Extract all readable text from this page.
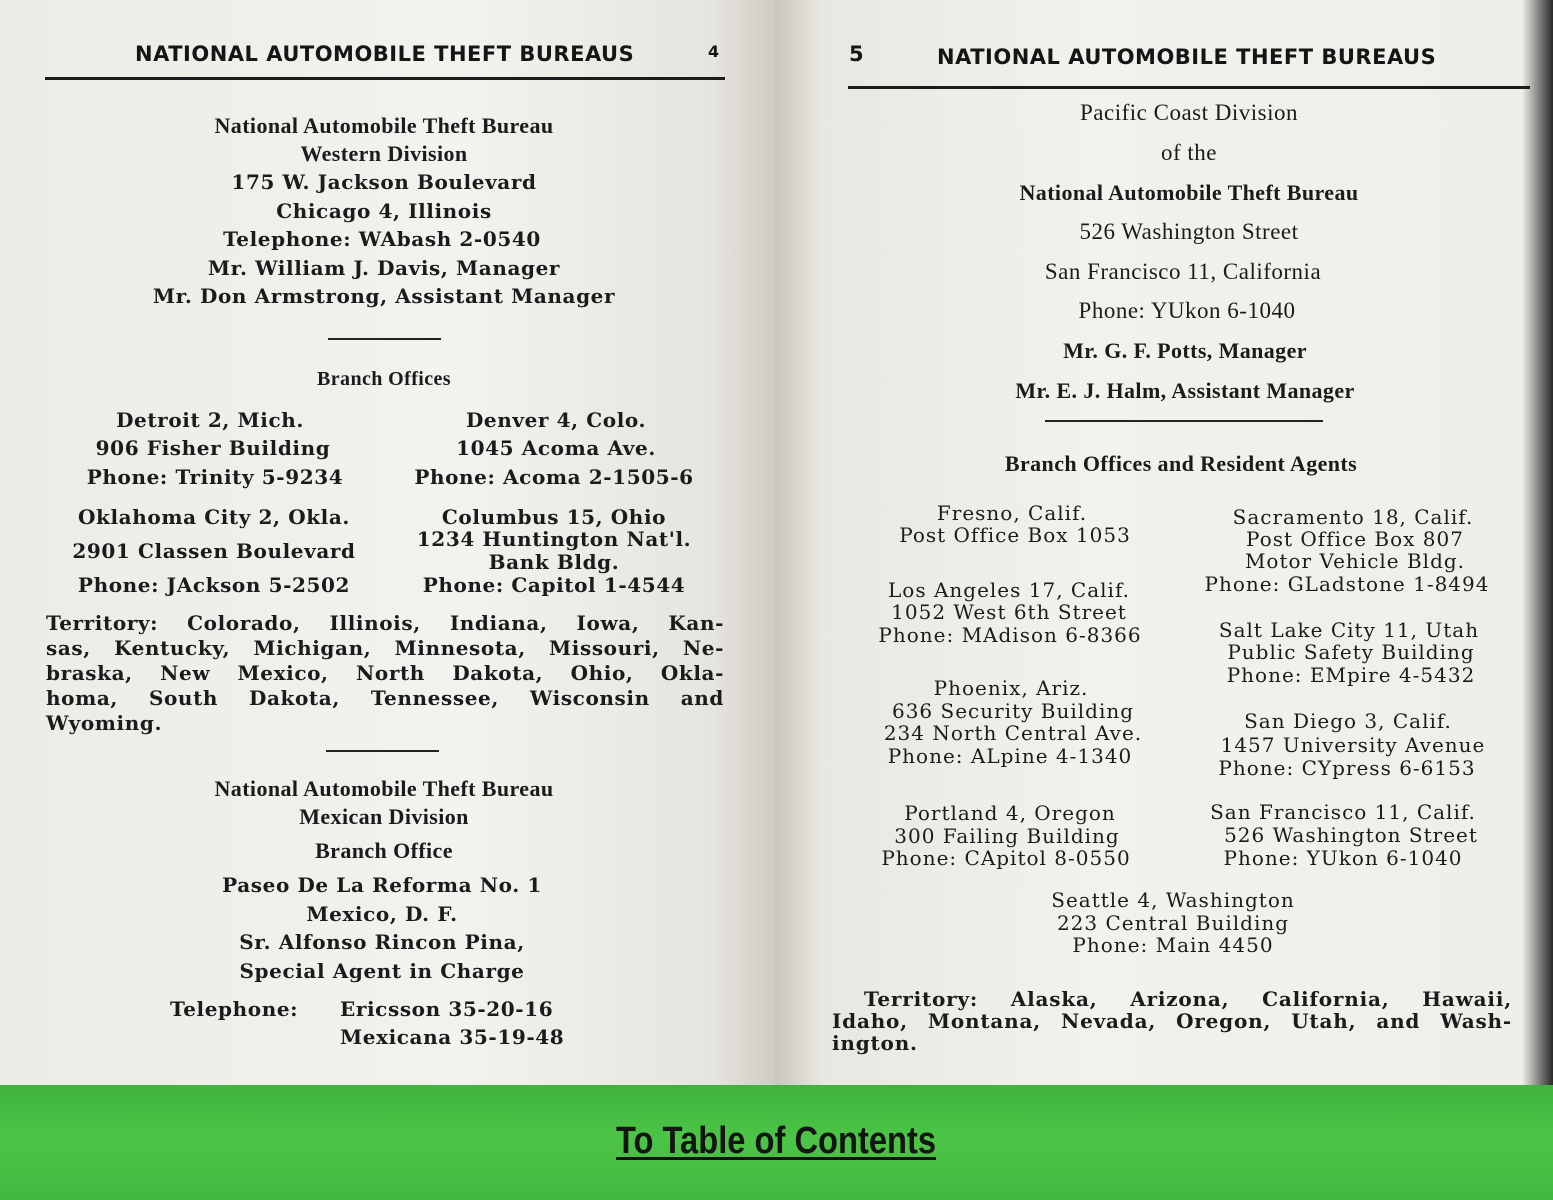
NATIONAL AUTOMOBILE THEFT BUREAUS	4
National Automobile Theft Bureau
Western Division
175 W. Jackson Boulevard
Chicago 4, Illinois
Telephone: WAbash 2-0540
Mr. William J. Davis, Manager
Mr. Don Armstrong, Assistant Manager
Branch Offices
Detroit 2, Mich.
906 Fisher Building
Phone: Trinity 5-9234
Denver 4, Colo.
1045 Acoma Ave.
Phone: Acoma 2-1505-6
Oklahoma City 2, Okla.
2901 Classen Boulevard
Phone: JAckson 5-2502
Columbus 15, Ohio
1234 Huntington Nat'l.
Bank Bldg.
Phone: Capitol 1-4544
Territory: Colorado, Illinois, Indiana, Iowa, Kan-
sas, Kentucky, Michigan, Minnesota, Missouri, Ne-
braska, New Mexico, North Dakota, Ohio, Okla-
homa, South Dakota, Tennessee, Wisconsin and
Wyoming.
National Automobile Theft Bureau
Mexican Division
Branch Office
Paseo De La Reforma No. 1
Mexico, D. F.
Sr. Alfonso Rincon Pina,
Special Agent in Charge
Telephone: Ericsson 35-20-16
Mexicana 35-19-48
5	NATIONAL AUTOMOBILE THEFT BUREAUS
Pacific Coast Division
of the
National Automobile Theft Bureau
526 Washington Street
San Francisco 11, California
Phone: YUkon 6-1040
Mr. G. F. Potts, Manager
Mr. E. J. Halm, Assistant Manager
Branch Offices and Resident Agents
Fresno, Calif.
Post Office Box 1053
Los Angeles 17, Calif.
1052 West 6th Street
Phone: MAdison 6-8366
Phoenix, Ariz.
636 Security Building
234 North Central Ave.
Phone: ALpine 4-1340
Portland 4, Oregon
300 Failing Building
Phone: CApitol 8-0550
Sacramento 18, Calif.
Post Office Box 807
Motor Vehicle Bldg.
Phone: GLadstone 1-8494
Salt Lake City 11, Utah
Public Safety Building
Phone: EMpire 4-5432
San Diego 3, Calif.
1457 University Avenue
Phone: CYpress 6-6153
San Francisco 11, Calif.
526 Washington Street
Phone: YUkon 6-1040
Seattle 4, Washington
223 Central Building
Phone: Main 4450
Territory: Alaska, Arizona, California, Hawaii,
Idaho, Montana, Nevada, Oregon, Utah, and Wash-
ington.
To Table of Contents
